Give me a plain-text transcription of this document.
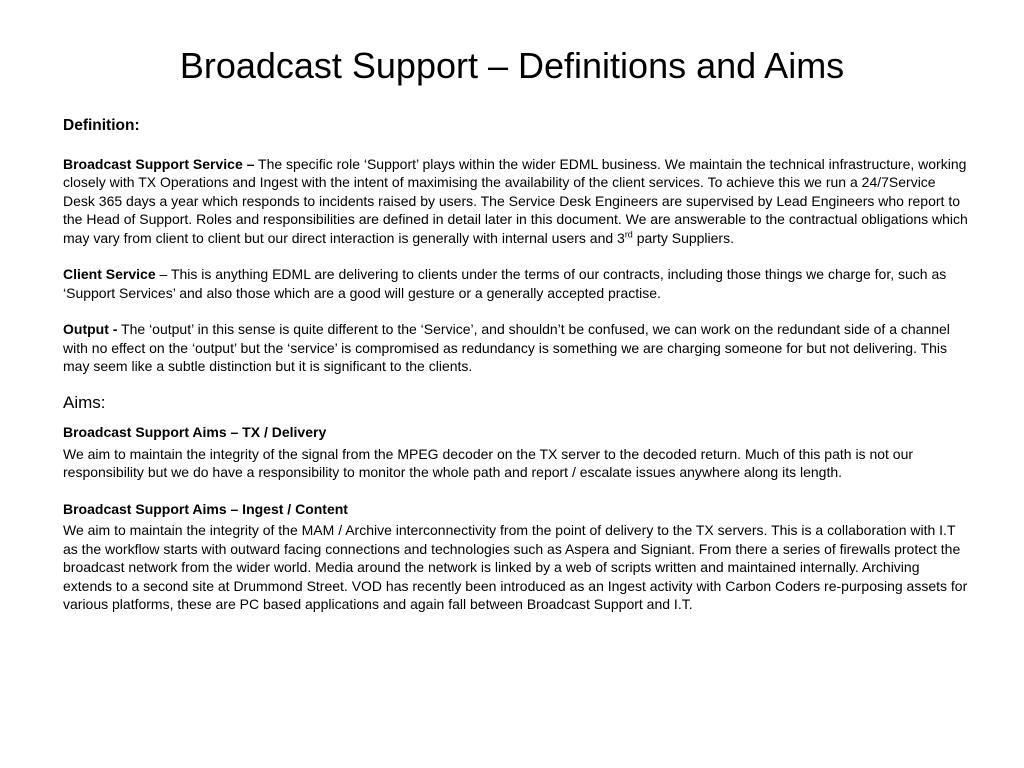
Broadcast Support – Definitions and Aims

Definition:

Broadcast Support Service – The specific role ‘Support’ plays within the wider EDML business. We maintain the technical infrastructure, working closely with TX Operations and Ingest with the intent of maximising the availability of the client services. To achieve this we run a 24/7Service Desk 365 days a year which responds to incidents raised by users. The Service Desk Engineers are supervised by Lead Engineers who report to the Head of Support. Roles and responsibilities are defined in detail later in this document. We are answerable to the contractual obligations which may vary from client to client but our direct interaction is generally with internal users and 3rd party Suppliers.

Client Service – This is anything EDML are delivering to clients under the terms of our contracts, including those things we charge for, such as ‘Support Services’ and also those which are a good will gesture or a generally accepted practise.

Output - The ‘output’ in this sense is quite different to the ‘Service’, and shouldn’t be confused, we can work on the redundant side of a channel with no effect on the ‘output’ but the ‘service’ is compromised as redundancy is something we are charging someone for but not delivering. This may seem like a subtle distinction but it is significant to the clients.

Aims:

Broadcast Support Aims – TX / Delivery

We aim to maintain the integrity of the signal from the MPEG decoder on the TX server to the decoded return. Much of this path is not our responsibility but we do have a responsibility to monitor the whole path and report / escalate issues anywhere along its length.

Broadcast Support Aims – Ingest / Content

We aim to maintain the integrity of the MAM / Archive interconnectivity from the point of delivery to the TX servers. This is a collaboration with I.T as the workflow starts with outward facing connections and technologies such as Aspera and Signiant. From there a series of firewalls protect the broadcast network from the wider world. Media around the network is linked by a web of scripts written and maintained internally. Archiving extends to a second site at Drummond Street. VOD has recently been introduced as an Ingest activity with Carbon Coders re-purposing assets for various platforms, these are PC based applications and again fall between Broadcast Support and I.T.
